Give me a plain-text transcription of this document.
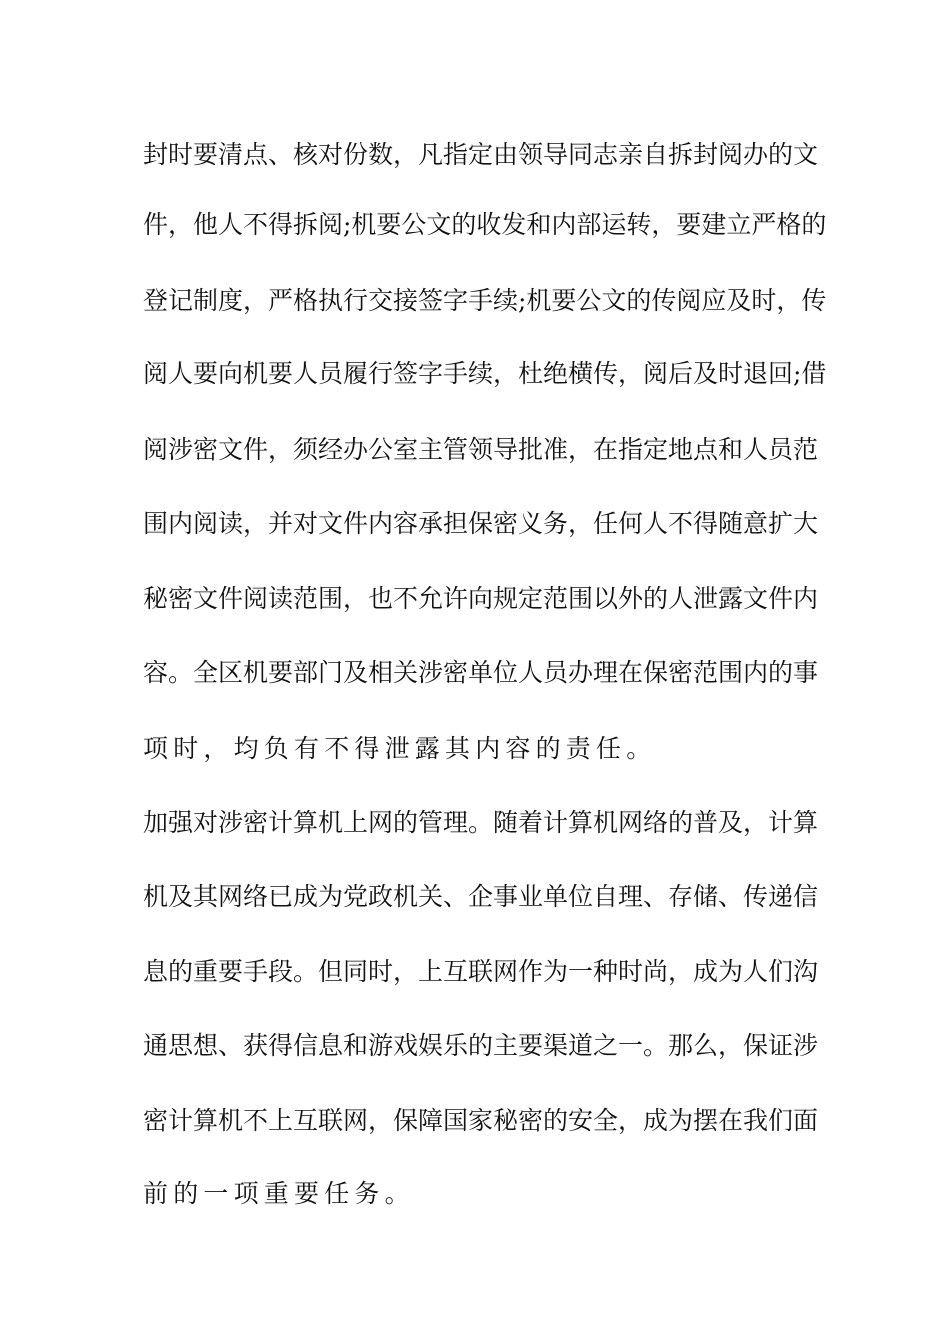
封时要清点、核对份数，凡指定由领导同志亲自拆封阅办的文
件，他人不得拆阅;机要公文的收发和内部运转，要建立严格的
登记制度，严格执行交接签字手续;机要公文的传阅应及时，传
阅人要向机要人员履行签字手续，杜绝横传，阅后及时退回;借
阅涉密文件，须经办公室主管领导批准，在指定地点和人员范
围内阅读，并对文件内容承担保密义务，任何人不得随意扩大
秘密文件阅读范围，也不允许向规定范围以外的人泄露文件内
容。全区机要部门及相关涉密单位人员办理在保密范围内的事
项时，均负有不得泄露其内容的责任。
加强对涉密计算机上网的管理。随着计算机网络的普及，计算
机及其网络已成为党政机关、企事业单位自理、存储、传递信
息的重要手段。但同时，上互联网作为一种时尚，成为人们沟
通思想、获得信息和游戏娱乐的主要渠道之一。那么，保证涉
密计算机不上互联网，保障国家秘密的安全，成为摆在我们面
前的一项重要任务。
